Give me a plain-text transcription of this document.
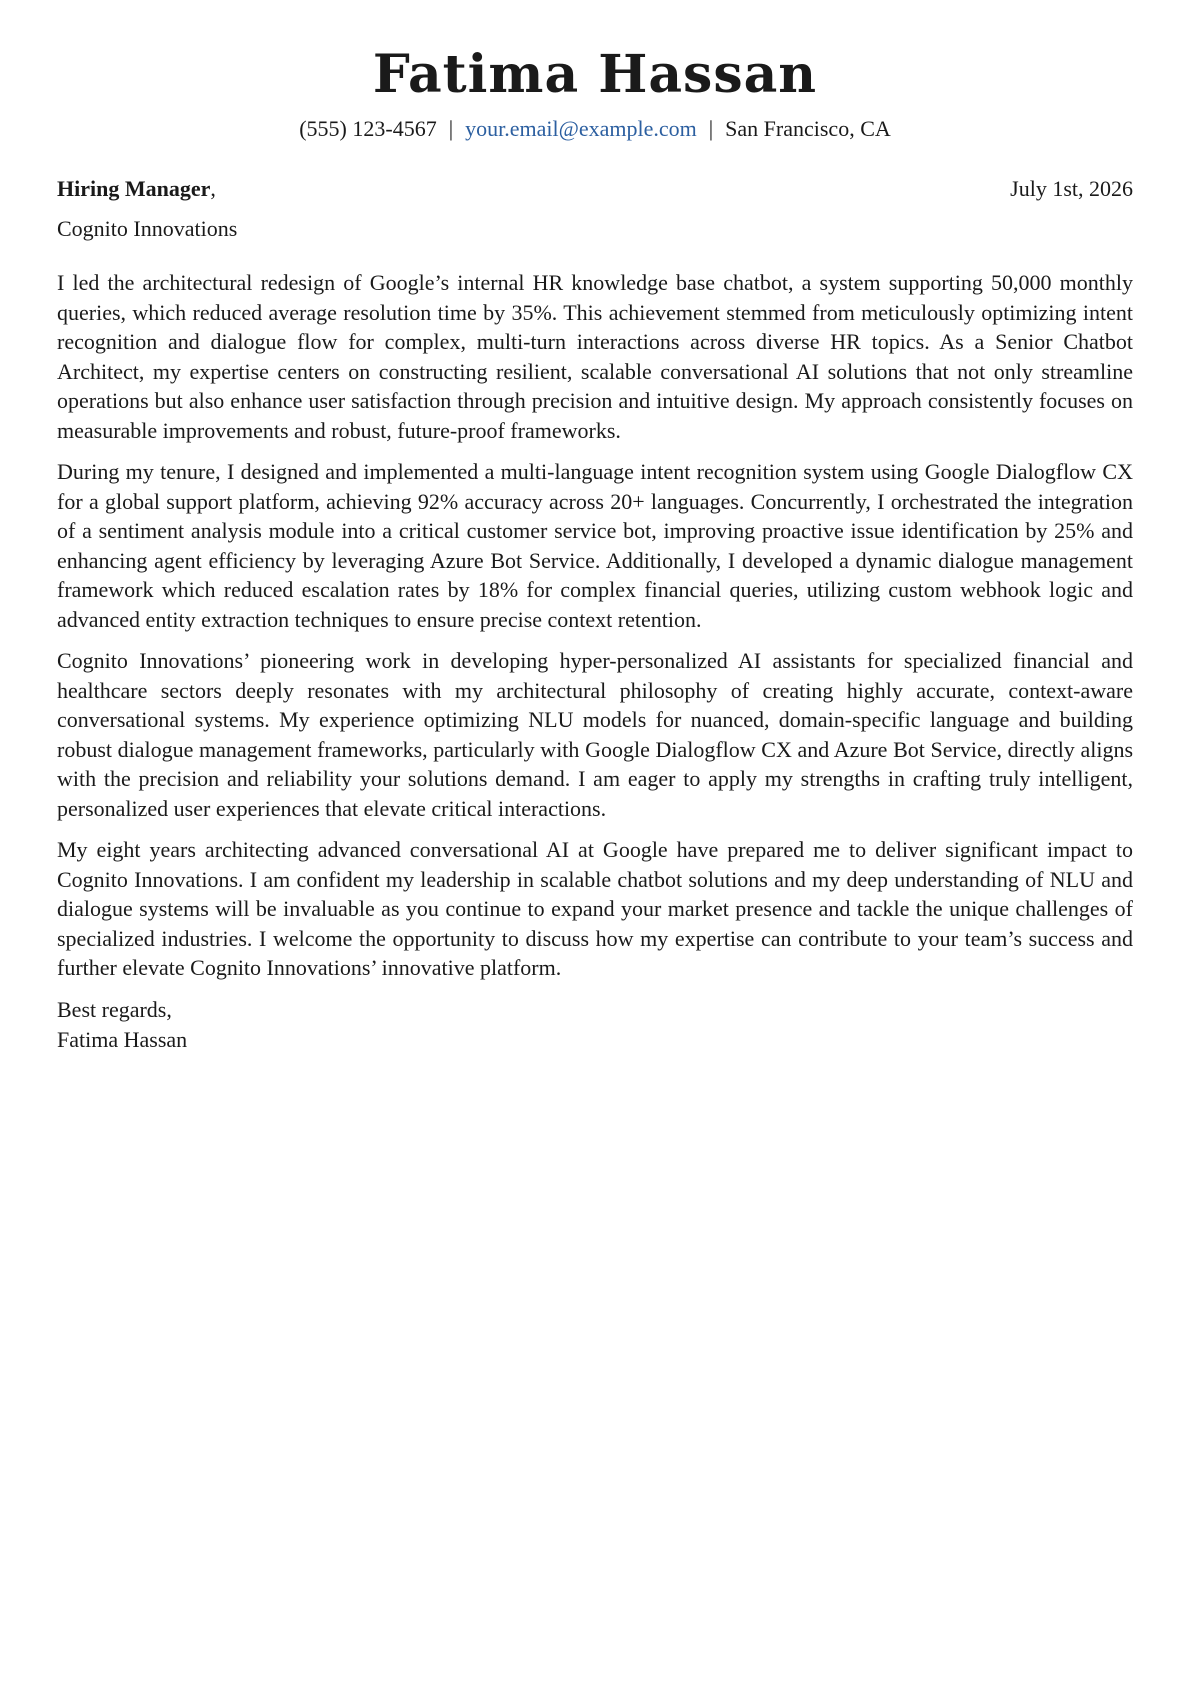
Fatima Hassan
(555) 123-4567 | your.email@example.com | San Francisco, CA
Hiring Manager,	July 1st, 2026
Cognito Innovations

I led the architectural redesign of Google’s internal HR knowledge base chatbot, a system supporting 50,000 monthly queries, which reduced average resolution time by 35%. This achievement stemmed from meticulously optimizing intent recognition and dialogue flow for complex, multi-turn interactions across diverse HR topics. As a Senior Chatbot Architect, my expertise centers on constructing resilient, scalable conversational AI solutions that not only streamline operations but also enhance user satisfaction through precision and intuitive design. My approach consistently focuses on measurable improvements and robust, future-proof frameworks.

During my tenure, I designed and implemented a multi-language intent recognition system using Google Dialogflow CX for a global support platform, achieving 92% accuracy across 20+ languages. Concurrently, I orchestrated the integration of a sentiment analysis module into a critical customer service bot, improving proactive issue identification by 25% and enhancing agent efficiency by leveraging Azure Bot Service. Additionally, I developed a dynamic dialogue management framework which reduced escalation rates by 18% for complex financial queries, utilizing custom webhook logic and advanced entity extraction techniques to ensure precise context retention.

Cognito Innovations’ pioneering work in developing hyper-personalized AI assistants for specialized financial and healthcare sectors deeply resonates with my architectural philosophy of creating highly accurate, context-aware conversational systems. My experience optimizing NLU models for nuanced, domain-specific language and building robust dialogue management frameworks, particularly with Google Dialogflow CX and Azure Bot Service, directly aligns with the precision and reliability your solutions demand. I am eager to apply my strengths in crafting truly intelligent, personalized user experiences that elevate critical interactions.

My eight years architecting advanced conversational AI at Google have prepared me to deliver significant impact to Cognito Innovations. I am confident my leadership in scalable chatbot solutions and my deep understanding of NLU and dialogue systems will be invaluable as you continue to expand your market presence and tackle the unique challenges of specialized industries. I welcome the opportunity to discuss how my expertise can contribute to your team’s success and further elevate Cognito Innovations’ innovative platform.

Best regards,
Fatima Hassan
